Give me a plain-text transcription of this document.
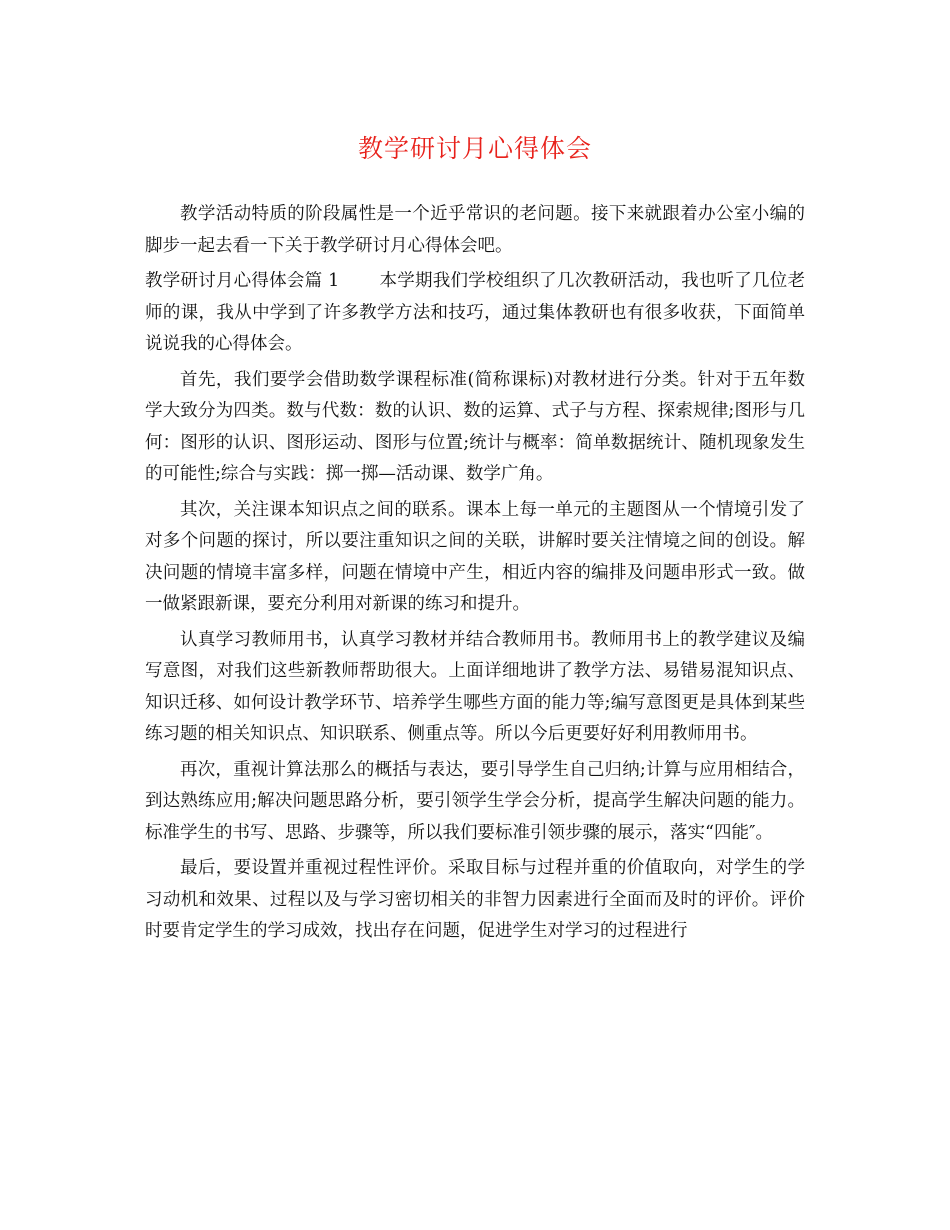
教学研讨月心得体会

教学活动特质的阶段属性是一个近乎常识的老问题。接下来就跟着办公室小编的脚步一起去看一下关于教学研讨月心得体会吧。

教学研讨月心得体会篇 1 本学期我们学校组织了几次教研活动，我也听了几位老师的课，我从中学到了许多教学方法和技巧，通过集体教研也有很多收获，下面简单说说我的心得体会。

首先，我们要学会借助数学课程标准(简称课标)对教材进行分类。针对于五年数学大致分为四类。数与代数：数的认识、数的运算、式子与方程、探索规律;图形与几何：图形的认识、图形运动、图形与位置;统计与概率：简单数据统计、随机现象发生的可能性;综合与实践：掷一掷—活动课、数学广角。

其次，关注课本知识点之间的联系。课本上每一单元的主题图从一个情境引发了对多个问题的探讨，所以要注重知识之间的关联，讲解时要关注情境之间的创设。解决问题的情境丰富多样，问题在情境中产生，相近内容的编排及问题串形式一致。做一做紧跟新课，要充分利用对新课的练习和提升。

认真学习教师用书，认真学习教材并结合教师用书。教师用书上的教学建议及编写意图，对我们这些新教师帮助很大。上面详细地讲了教学方法、易错易混知识点、知识迁移、如何设计教学环节、培养学生哪些方面的能力等;编写意图更是具体到某些练习题的相关知识点、知识联系、侧重点等。所以今后更要好好利用教师用书。

再次，重视计算法那么的概括与表达，要引导学生自己归纳;计算与应用相结合，到达熟练应用;解决问题思路分析，要引领学生学会分析，提高学生解决问题的能力。标准学生的书写、思路、步骤等，所以我们要标准引领步骤的展示，落实“四能″。

最后，要设置并重视过程性评价。采取目标与过程并重的价值取向，对学生的学习动机和效果、过程以及与学习密切相关的非智力因素进行全面而及时的评价。评价时要肯定学生的学习成效，找出存在问题，促进学生对学习的过程进行
